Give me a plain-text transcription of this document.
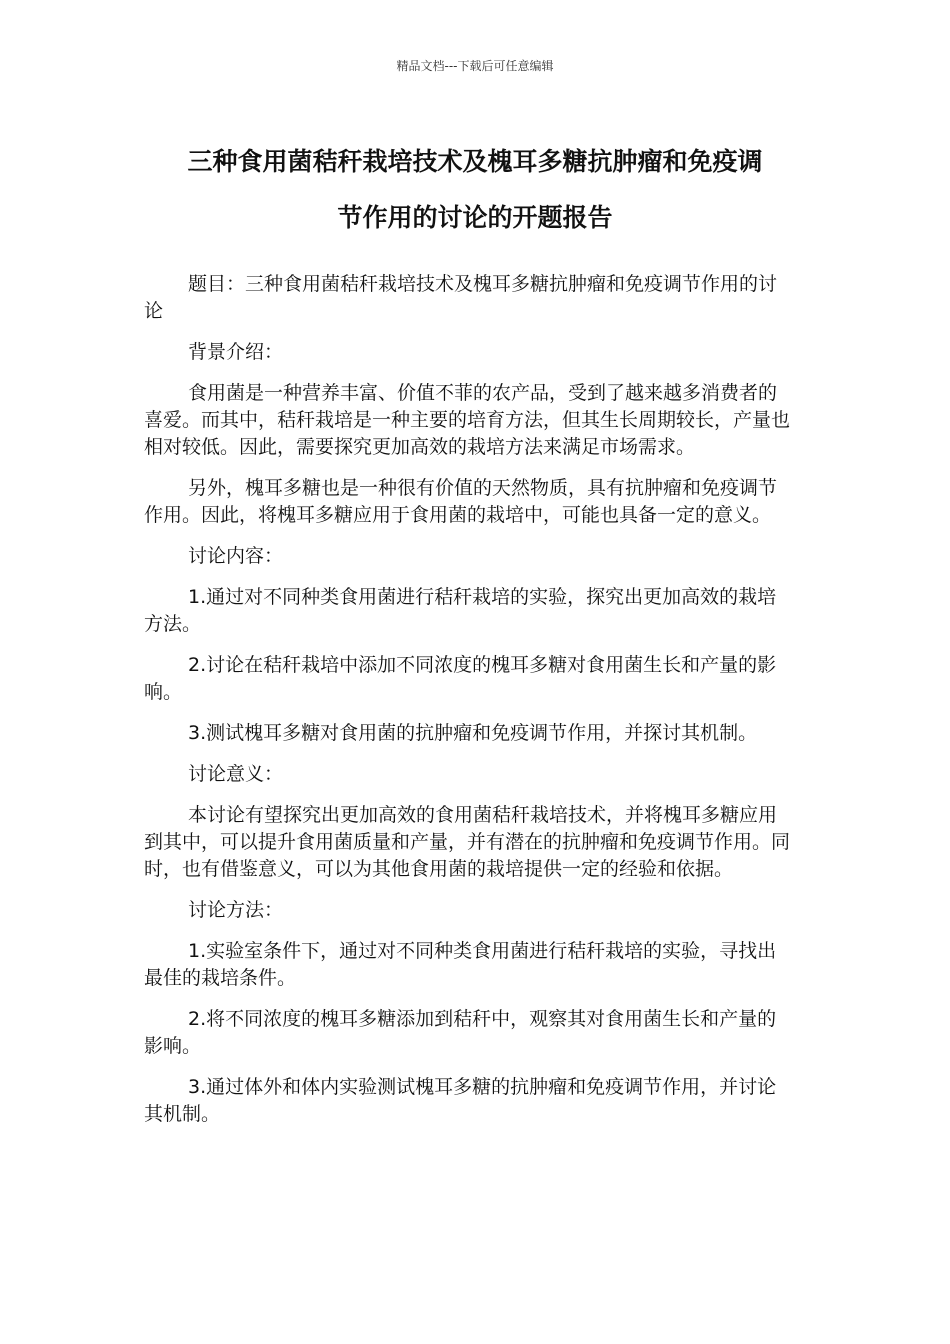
精品文档---下载后可任意编辑
三种食用菌秸秆栽培技术及槐耳多糖抗肿瘤和免疫调
节作用的讨论的开题报告

题目：三种食用菌秸秆栽培技术及槐耳多糖抗肿瘤和免疫调节作用的讨论

背景介绍：

食用菌是一种营养丰富、价值不菲的农产品，受到了越来越多消费者的喜爱。而其中，秸秆栽培是一种主要的培育方法，但其生长周期较长，产量也相对较低。因此，需要探究更加高效的栽培方法来满足市场需求。

另外，槐耳多糖也是一种很有价值的天然物质，具有抗肿瘤和免疫调节作用。因此，将槐耳多糖应用于食用菌的栽培中，可能也具备一定的意义。

讨论内容：

1.通过对不同种类食用菌进行秸秆栽培的实验，探究出更加高效的栽培方法。

2.讨论在秸秆栽培中添加不同浓度的槐耳多糖对食用菌生长和产量的影响。

3.测试槐耳多糖对食用菌的抗肿瘤和免疫调节作用，并探讨其机制。

讨论意义：

本讨论有望探究出更加高效的食用菌秸秆栽培技术，并将槐耳多糖应用到其中，可以提升食用菌质量和产量，并有潜在的抗肿瘤和免疫调节作用。同时，也有借鉴意义，可以为其他食用菌的栽培提供一定的经验和依据。

讨论方法：

1.实验室条件下，通过对不同种类食用菌进行秸秆栽培的实验，寻找出最佳的栽培条件。

2.将不同浓度的槐耳多糖添加到秸秆中，观察其对食用菌生长和产量的影响。

3.通过体外和体内实验测试槐耳多糖的抗肿瘤和免疫调节作用，并讨论其机制。
